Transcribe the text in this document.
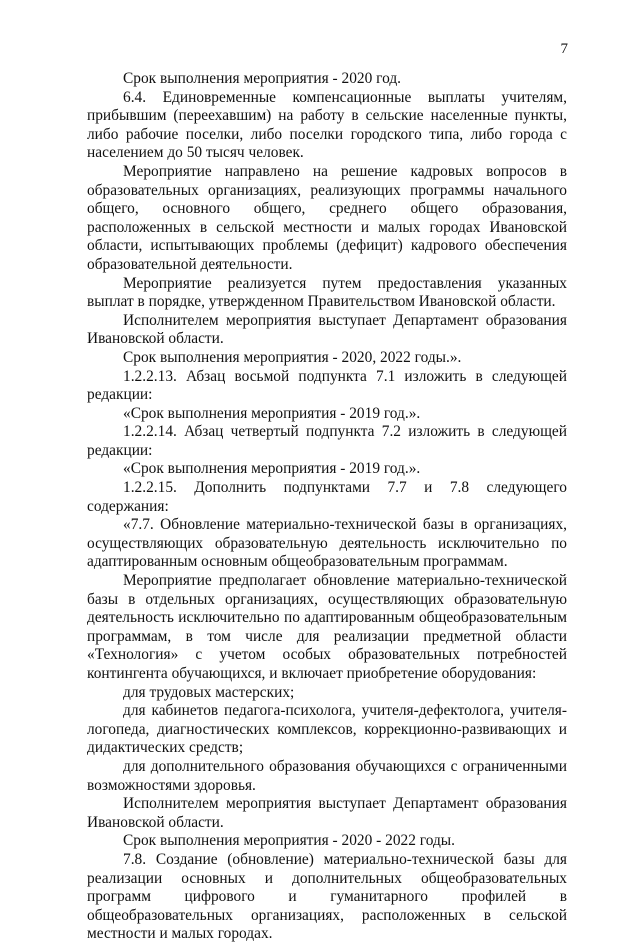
7

Срок выполнения мероприятия - 2020 год.

6.4. Единовременные компенсационные выплаты учителям, прибывшим (переехавшим) на работу в сельские населенные пункты, либо рабочие поселки, либо поселки городского типа, либо города с населением до 50 тысяч человек.

Мероприятие направлено на решение кадровых вопросов в образовательных организациях, реализующих программы начального общего, основного общего, среднего общего образования, расположенных в сельской местности и малых городах Ивановской области, испытывающих проблемы (дефицит) кадрового обеспечения образовательной деятельности.

Мероприятие реализуется путем предоставления указанных выплат в порядке, утвержденном Правительством Ивановской области.

Исполнителем мероприятия выступает Департамент образования Ивановской области.

Срок выполнения мероприятия - 2020, 2022 годы.».

1.2.2.13. Абзац восьмой подпункта 7.1 изложить в следующей редакции:

«Срок выполнения мероприятия - 2019 год.».

1.2.2.14. Абзац четвертый подпункта 7.2 изложить в следующей редакции:

«Срок выполнения мероприятия - 2019 год.».

1.2.2.15. Дополнить подпунктами 7.7 и 7.8 следующего содержания:

«7.7. Обновление материально-технической базы в организациях, осуществляющих образовательную деятельность исключительно по адаптированным основным общеобразовательным программам.

Мероприятие предполагает обновление материально-технической базы в отдельных организациях, осуществляющих образовательную деятельность исключительно по адаптированным общеобразовательным программам, в том числе для реализации предметной области «Технология» с учетом особых образовательных потребностей контингента обучающихся, и включает приобретение оборудования:

для трудовых мастерских;

для кабинетов педагога-психолога, учителя-дефектолога, учителя-логопеда, диагностических комплексов, коррекционно-развивающих и дидактических средств;

для дополнительного образования обучающихся с ограниченными возможностями здоровья.

Исполнителем мероприятия выступает Департамент образования Ивановской области.

Срок выполнения мероприятия - 2020 - 2022 годы.

7.8. Создание (обновление) материально-технической базы для реализации основных и дополнительных общеобразовательных программ цифрового и гуманитарного профилей в общеобразовательных организациях, расположенных в сельской местности и малых городах.
